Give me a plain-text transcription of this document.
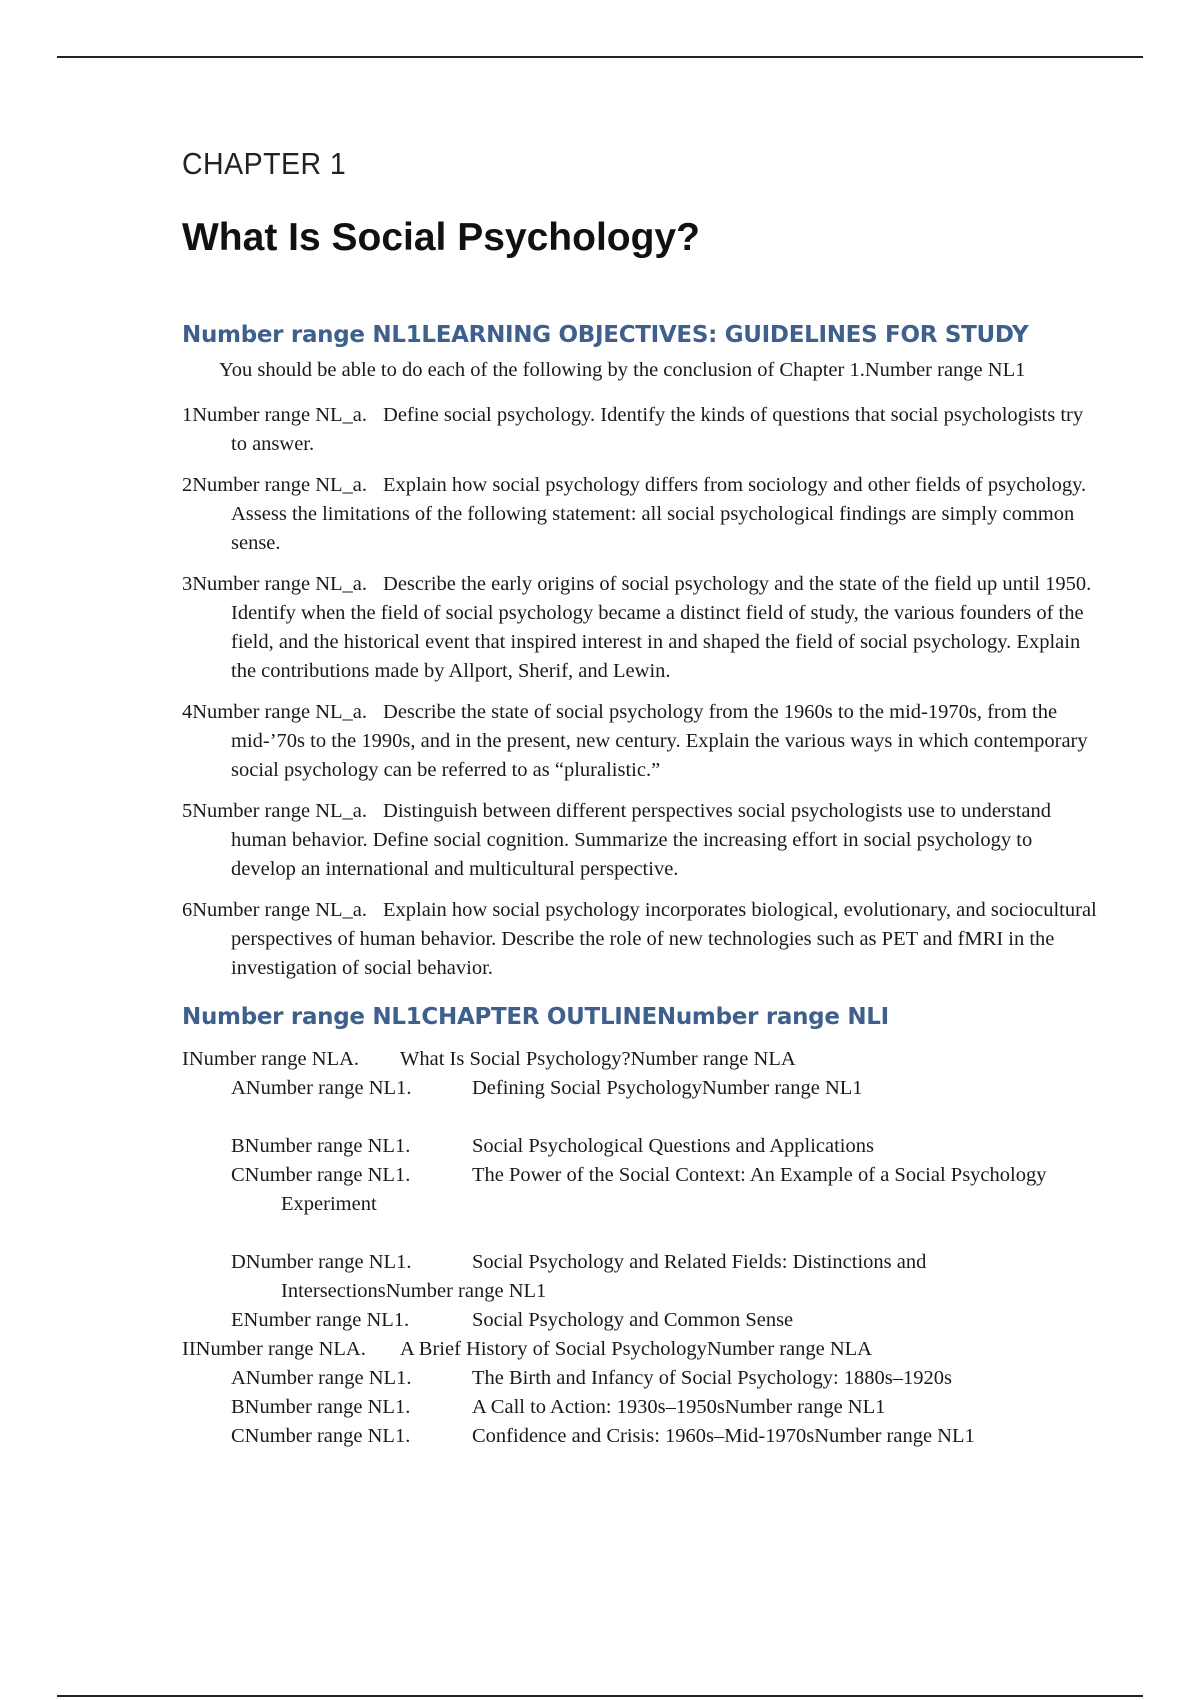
CHAPTER 1
What Is Social Psychology?
Number range NL1LEARNING OBJECTIVES: GUIDELINES FOR STUDY
You should be able to do each of the following by the conclusion of Chapter 1.Number range NL1
1Number range NL_a. Define social psychology. Identify the kinds of questions that social psychologists try to answer.
2Number range NL_a. Explain how social psychology differs from sociology and other fields of psychology. Assess the limitations of the following statement: all social psychological findings are simply common sense.
3Number range NL_a. Describe the early origins of social psychology and the state of the field up until 1950. Identify when the field of social psychology became a distinct field of study, the various founders of the field, and the historical event that inspired interest in and shaped the field of social psychology. Explain the contributions made by Allport, Sherif, and Lewin.
4Number range NL_a. Describe the state of social psychology from the 1960s to the mid-1970s, from the mid-’70s to the 1990s, and in the present, new century. Explain the various ways in which contemporary social psychology can be referred to as “pluralistic.”
5Number range NL_a. Distinguish between different perspectives social psychologists use to understand human behavior. Define social cognition. Summarize the increasing effort in social psychology to develop an international and multicultural perspective.
6Number range NL_a. Explain how social psychology incorporates biological, evolutionary, and sociocultural perspectives of human behavior. Describe the role of new technologies such as PET and fMRI in the investigation of social behavior.
Number range NL1CHAPTER OUTLINENumber range NLI
INumber range NLA. What Is Social Psychology?Number range NLA
ANumber range NL1.	Defining Social PsychologyNumber range NL1
BNumber range NL1.	Social Psychological Questions and Applications
CNumber range NL1.	The Power of the Social Context: An Example of a Social Psychology
Experiment
DNumber range NL1.	Social Psychology and Related Fields: Distinctions and
IntersectionsNumber range NL1
ENumber range NL1.	Social Psychology and Common Sense
IINumber range NLA. A Brief History of Social PsychologyNumber range NLA
ANumber range NL1.	The Birth and Infancy of Social Psychology: 1880s–1920s
BNumber range NL1.	A Call to Action: 1930s–1950sNumber range NL1
CNumber range NL1.	Confidence and Crisis: 1960s–Mid-1970sNumber range NL1
